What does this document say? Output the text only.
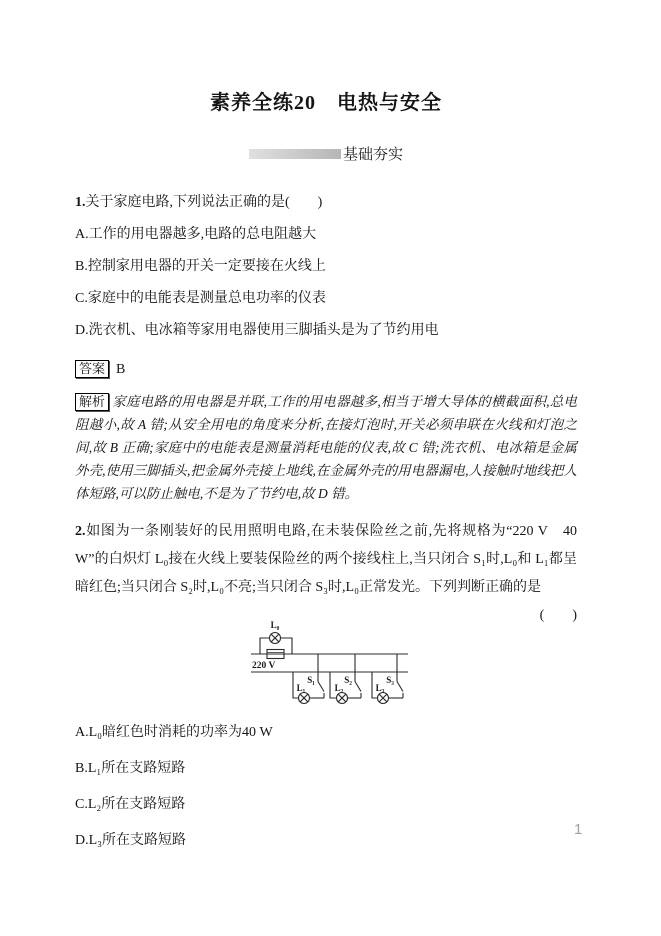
素养全练20　电热与安全
基础夯实

1.关于家庭电路,下列说法正确的是(　　)

A.工作的用电器越多,电路的总电阻越大

B.控制家用电器的开关一定要接在火线上

C.家庭中的电能表是测量总电功率的仪表

D.洗衣机、电冰箱等家用电器使用三脚插头是为了节约用电

答案 B
解析 家庭电路的用电器是并联,工作的用电器越多,相当于增大导体的横截面积,总电阻越小,故 A 错;从安全用电的角度来分析,在接灯泡时,开关必须串联在火线和灯泡之间,故 B 正确;家庭中的电能表是测量消耗电能的仪表,故 C 错;洗衣机、电冰箱是金属外壳,使用三脚插头,把金属外壳接上地线,在金属外壳的用电器漏电,人接触时地线把人体短路,可以防止触电,不是为了节约电,故 D 错。

2.如图为一条刚装好的民用照明电路,在未装保险丝之前,先将规格为“220 V　40 W”的白炽灯 L₀接在火线上要装保险丝的两个接线柱上,当只闭合 S₁时,L₀和 L₁都呈暗红色;当只闭合 S₂时,L₀不亮;当只闭合 S₃时,L₀正常发光。下列判断正确的是
(　　)

L₀
220 V
S₁	S₂	S₃
L₁	L₂	L₃

A.L₀暗红色时消耗的功率为40 W

B.L₁所在支路短路

C.L₂所在支路短路

D.L₃所在支路短路

1
